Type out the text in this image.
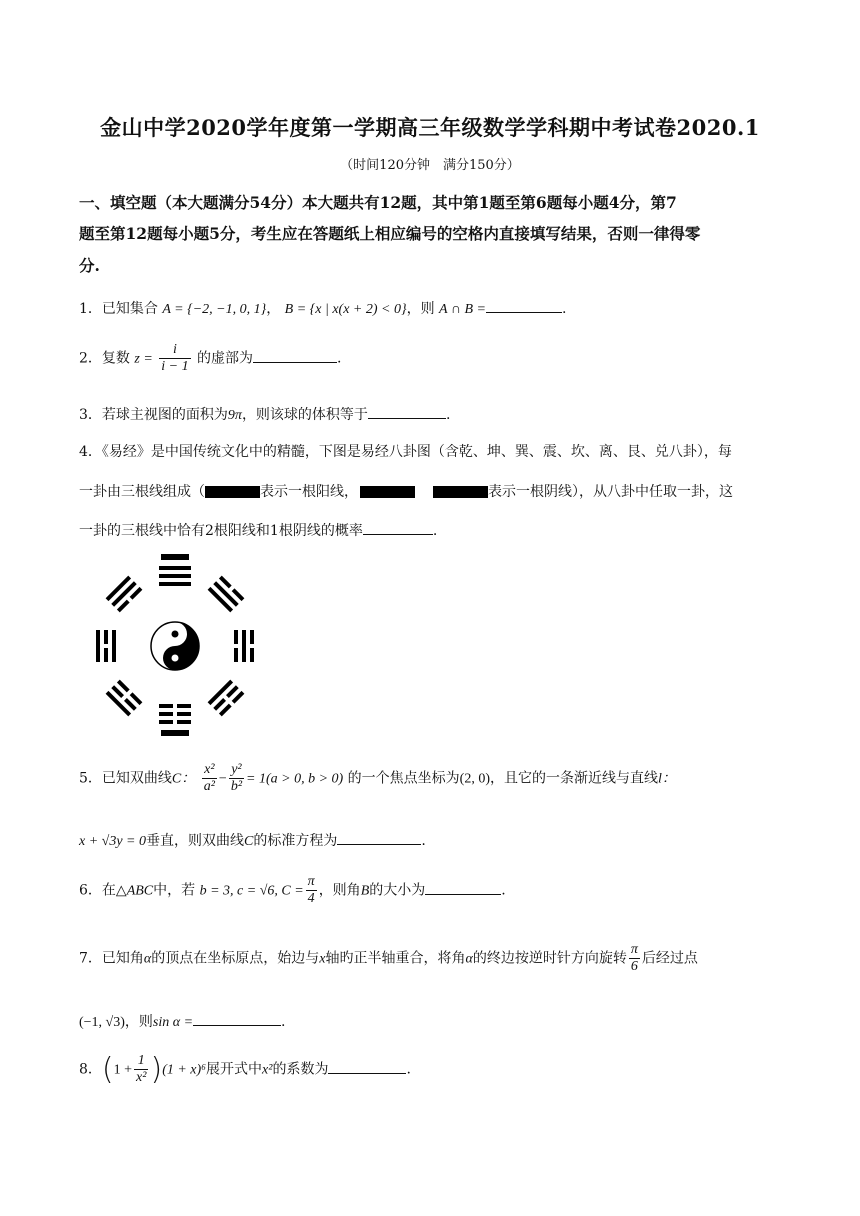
金山中学2020学年度第一学期高三年级数学学科期中考试卷2020.1
（时间120分钟　满分150分）
一、填空题（本大题满分54分）本大题共有12题，其中第1题至第6题每小题4分，第7
题至第12题每小题5分，考生应在答题纸上相应编号的空格内直接填写结果，否则一律得零
分.
1．已知集合 A = {−2, −1, 0, 1}， B = {x | x(x + 2) < 0}，则 A ∩ B =	.
2．复数 $z = \frac{i}{i - 1}$ 的虚部为	.
3．若球主视图的面积为9π，则该球的体积等于	.
4．《易经》是中国传统文化中的精髓，下图是易经八卦图（含乾、坤、巽、震、坎、离、艮、兑八卦），每
一卦由三根线组成（	表示一根阳线，	表示一根阴线），从八卦中任取一卦，这
一卦的三根线中恰有2根阳线和1根阴线的概率	.
5．已知双曲线C： $\frac{\text{x²}}{\text{a²}} - \frac{\text{y²}}{\text{b²}} = 1(a > 0$, b > 0) 的一个焦点坐标为(2, 0)，且它的一条渐近线与直线l：
x + √3y = 0垂直，则双曲线C的标准方程为	.
6．在△ABC中，若 b = 3, c = √6, $C = \frac{\pi}{4}$ ，则角B的大小为	.
7．已知角α的顶点在坐标原点，始边与x轴旳正半轴重合，将角α的终边按逆时针方向旋转 $\frac{\pi}{6}$ 后经过点
(−1, √3)，则sin α =	.
8．$(1 + \frac{1}{\text{x²}} )(1 + x)^6$展开式中x²的系数为	.
